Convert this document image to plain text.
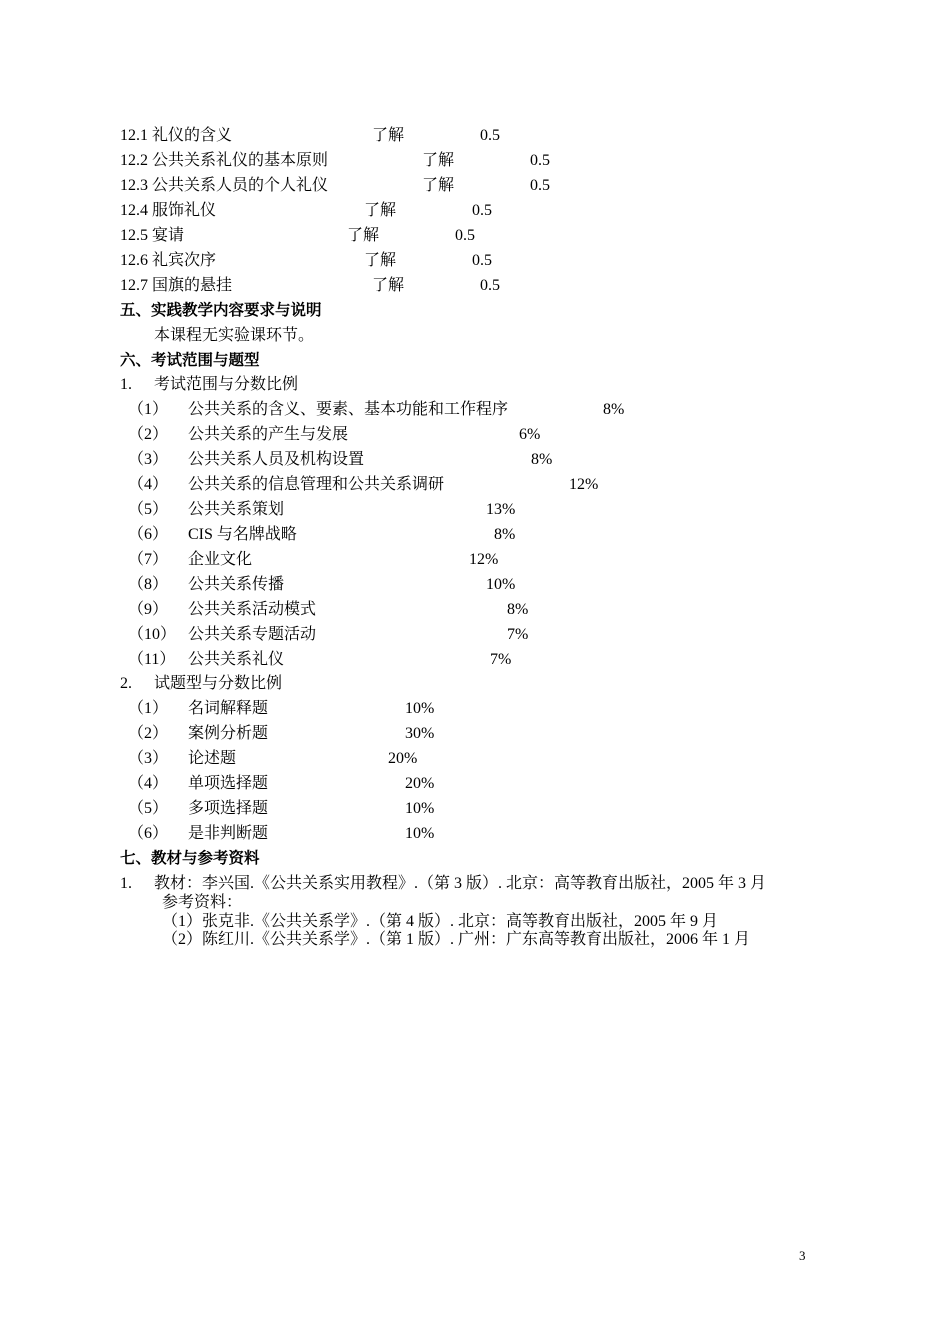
12.1 礼仪的含义	了解	0.5
12.2 公共关系礼仪的基本原则	了解	0.5
12.3 公共关系人员的个人礼仪	了解	0.5
12.4 服饰礼仪	了解	0.5
12.5 宴请	了解	0.5
12.6 礼宾次序	了解	0.5
12.7 国旗的悬挂	了解	0.5
五、实践教学内容要求与说明
本课程无实验课环节。
六、考试范围与题型
1. 考试范围与分数比例
（1） 公共关系的含义、要素、基本功能和工作程序	8%
（2） 公共关系的产生与发展	6%
（3） 公共关系人员及机构设置	8%
（4） 公共关系的信息管理和公共关系调研	12%
（5） 公共关系策划	13%
（6） CIS 与名牌战略	8%
（7） 企业文化	12%
（8） 公共关系传播	10%
（9） 公共关系活动模式	8%
（10） 公共关系专题活动	7%
（11） 公共关系礼仪	7%
2. 试题型与分数比例
（1） 名词解释题	10%
（2） 案例分析题	30%
（3） 论述题	20%
（4） 单项选择题	20%
（5） 多项选择题	10%
（6） 是非判断题	10%
七、教材与参考资料
1. 教材：李兴国.《公共关系实用教程》.（第 3 版）. 北京：高等教育出版社，2005 年 3 月
参考资料：
（1）张克非.《公共关系学》.（第 4 版）. 北京：高等教育出版社，2005 年 9 月
（2）陈红川.《公共关系学》.（第 1 版）. 广州：广东高等教育出版社，2006 年 1 月
3
